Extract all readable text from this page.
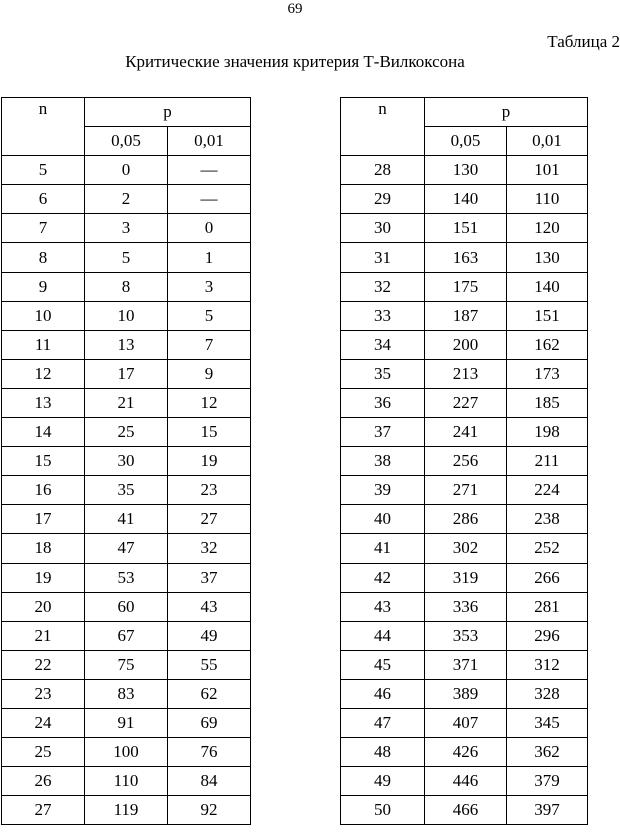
69
Таблица 2
Критические значения критерия Т-Вилкоксона
n	p	
	0,05	0,01
5	0	—
6	2	—
7	3	0
8	5	1
9	8	3
10	10	5
11	13	7
12	17	9
13	21	12
14	25	15
15	30	19
16	35	23
17	41	27
18	47	32
19	53	37
20	60	43
21	67	49
22	75	55
23	83	62
24	91	69
25	100	76
26	110	84
27	119	92
n	p	
	0,05	0,01
28	130	101
29	140	110
30	151	120
31	163	130
32	175	140
33	187	151
34	200	162
35	213	173
36	227	185
37	241	198
38	256	211
39	271	224
40	286	238
41	302	252
42	319	266
43	336	281
44	353	296
45	371	312
46	389	328
47	407	345
48	426	362
49	446	379
50	466	397
